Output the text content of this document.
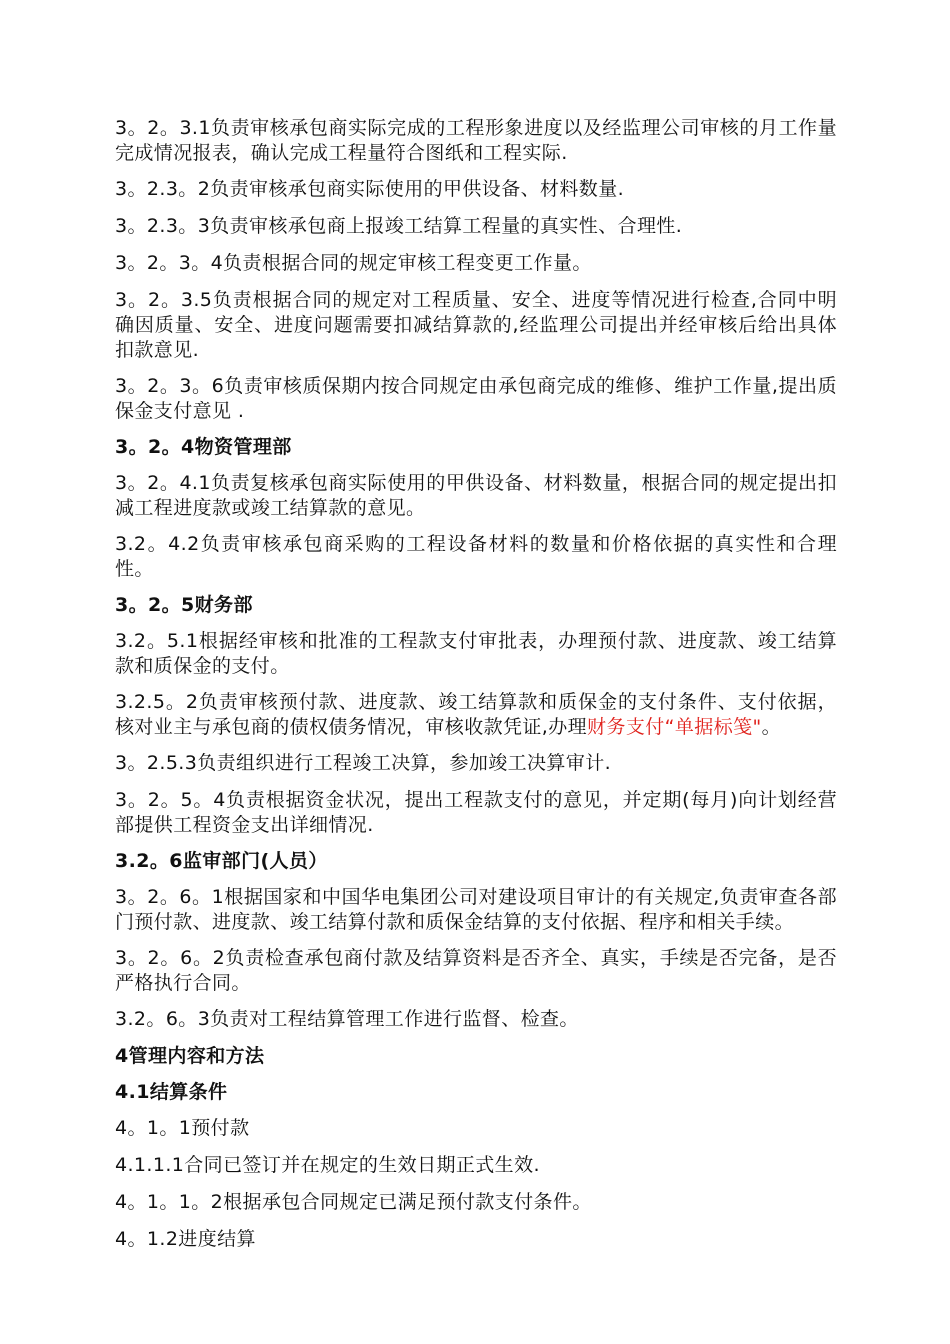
3。2。3.1负责审核承包商实际完成的工程形象进度以及经监理公司审核的月工作量完成情况报表，确认完成工程量符合图纸和工程实际.

3。2.3。2负责审核承包商实际使用的甲供设备、材料数量.

3。2.3。3负责审核承包商上报竣工结算工程量的真实性、合理性.

3。2。3。4负责根据合同的规定审核工程变更工作量。

3。2。3.5负责根据合同的规定对工程质量、安全、进度等情况进行检查,合同中明确因质量、安全、进度问题需要扣减结算款的,经监理公司提出并经审核后给出具体扣款意见.

3。2。3。6负责审核质保期内按合同规定由承包商完成的维修、维护工作量,提出质保金支付意见 .

3。2。4物资管理部

3。2。4.1负责复核承包商实际使用的甲供设备、材料数量，根据合同的规定提出扣减工程进度款或竣工结算款的意见。

3.2。4.2负责审核承包商采购的工程设备材料的数量和价格依据的真实性和合理性。

3。2。5财务部

3.2。5.1根据经审核和批准的工程款支付审批表，办理预付款、进度款、竣工结算款和质保金的支付。

3.2.5。2负责审核预付款、进度款、竣工结算款和质保金的支付条件、支付依据，核对业主与承包商的债权债务情况，审核收款凭证,办理财务支付“单据标笺"。

3。2.5.3负责组织进行工程竣工决算，参加竣工决算审计.

3。2。5。4负责根据资金状况，提出工程款支付的意见，并定期(每月)向计划经营部提供工程资金支出详细情况.

3.2。6监审部门(人员）

3。2。6。1根据国家和中国华电集团公司对建设项目审计的有关规定,负责审查各部门预付款、进度款、竣工结算付款和质保金结算的支付依据、程序和相关手续。

3。2。6。2负责检查承包商付款及结算资料是否齐全、真实，手续是否完备，是否严格执行合同。

3.2。6。3负责对工程结算管理工作进行监督、检查。

4管理内容和方法

4.1结算条件

4。1。1预付款

4.1.1.1合同已签订并在规定的生效日期正式生效.

4。1。1。2根据承包合同规定已满足预付款支付条件。

4。1.2进度结算
